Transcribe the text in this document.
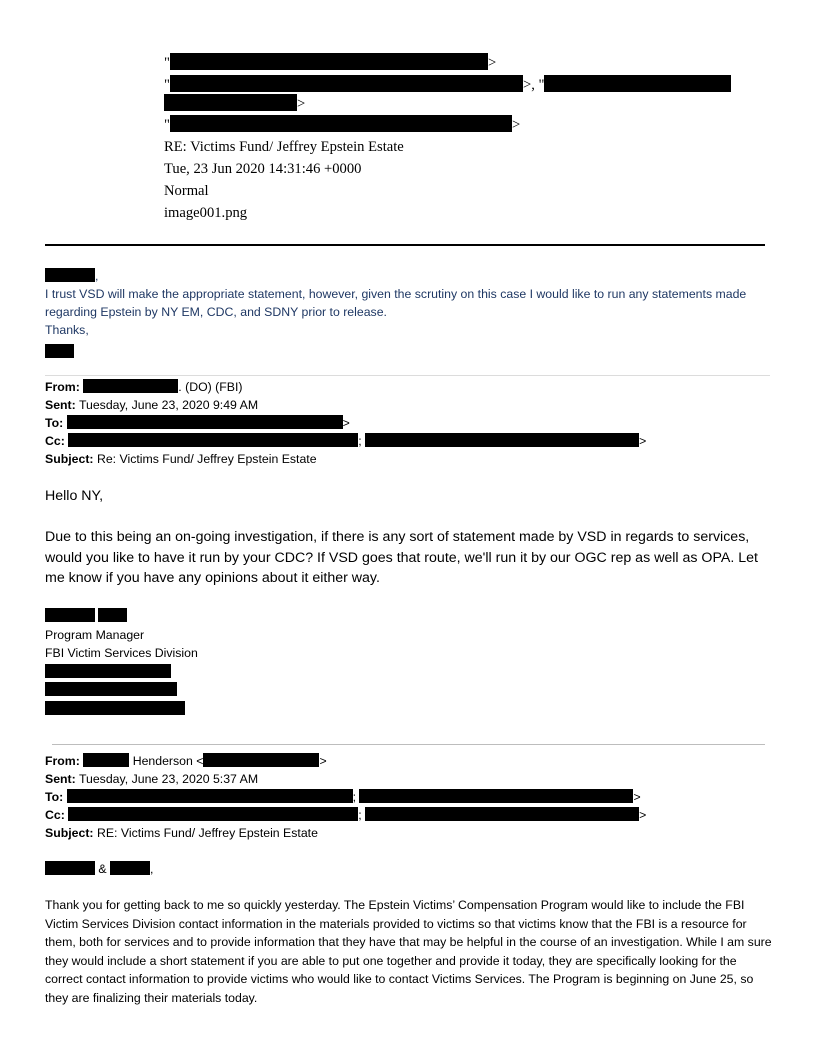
"	>
"	>, "
>
"	>
RE: Victims Fund/ Jeffrey Epstein Estate
Tue, 23 Jun 2020 14:31:46 +0000
Normal
image001.png
,

I trust VSD will make the appropriate statement, however, given the scrutiny on this case I would like to run any statements made regarding Epstein by NY EM, CDC, and SDNY prior to release.

Thanks,
From:	. (DO) (FBI)
Sent: Tuesday, June 23, 2020 9:49 AM
To:	>
Cc:	;	>
Subject: Re: Victims Fund/ Jeffrey Epstein Estate
Hello NY,

Due to this being an on-going investigation, if there is any sort of statement made by VSD in regards to services, would you like to have it run by your CDC? If VSD goes that route, we'll run it by our OGC rep as well as OPA. Let me know if you have any opinions about it either way.

Program Manager
FBI Victim Services Division
From:	Henderson <	>
Sent: Tuesday, June 23, 2020 5:37 AM
To:	;	>
Cc:	;	>
Subject: RE: Victims Fund/ Jeffrey Epstein Estate
&	,

Thank you for getting back to me so quickly yesterday. The Epstein Victims’ Compensation Program would like to include the FBI Victim Services Division contact information in the materials provided to victims so that victims know that the FBI is a resource for them, both for services and to provide information that they have that may be helpful in the course of an investigation. While I am sure they would include a short statement if you are able to put one together and provide it today, they are specifically looking for the correct contact information to provide victims who would like to contact Victims Services. The Program is beginning on June 25, so they are finalizing their materials today.
